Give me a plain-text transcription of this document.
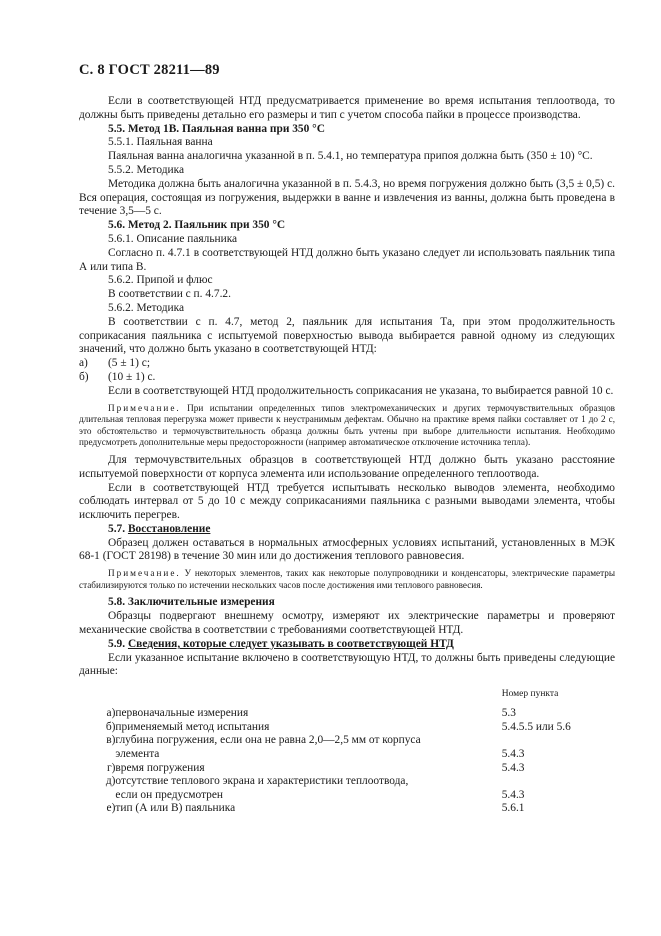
С. 8 ГОСТ 28211—89

Если в соответствующей НТД предусматривается применение во время испытания теплоотвода, то должны быть приведены детально его размеры и тип с учетом способа пайки в процессе производства.

5.5. Метод 1В. Паяльная ванна при 350 °С

5.5.1. Паяльная ванна

Паяльная ванна аналогична указанной в п. 5.4.1, но температура припоя должна быть (350 ± 10) °С.

5.5.2. Методика

Методика должна быть аналогична указанной в п. 5.4.3, но время погружения должно быть (3,5 ± 0,5) с. Вся операция, состоящая из погружения, выдержки в ванне и извлечения из ванны, должна быть проведена в течение 3,5—5 с.

5.6. Метод 2. Паяльник при 350 °С

5.6.1. Описание паяльника

Согласно п. 4.7.1 в соответствующей НТД должно быть указано следует ли использовать паяльник типа А или типа В.

5.6.2. Припой и флюс

В соответствии с п. 4.7.2.

5.6.2. Методика

В соответствии с п. 4.7, метод 2, паяльник для испытания Та, при этом продолжительность соприкасания паяльника с испытуемой поверхностью вывода выбирается равной одному из следующих значений, что должно быть указано в соответствующей НТД:

а)	(5 ± 1) с;
б)	(10 ± 1) с.

Если в соответствующей НТД продолжительность соприкасания не указана, то выбирается равной 10 с.

Примечание. При испытании определенных типов электромеханических и других термочувствительных образцов длительная тепловая перегрузка может привести к неустранимым дефектам. Обычно на практике время пайки составляет от 1 до 2 с, это обстоятельство и термочувствительность образца должны быть учтены при выборе длительности испытания. Необходимо предусмотреть дополнительные меры предосторожности (например автоматическое отключение источника тепла).

Для термочувствительных образцов в соответствующей НТД должно быть указано расстояние испытуемой поверхности от корпуса элемента или использование определенного теплоотвода.

Если в соответствующей НТД требуется испытывать несколько выводов элемента, необходимо соблюдать интервал от 5 до 10 с между соприкасаниями паяльника с разными выводами элемента, чтобы исключить перегрев.

5.7. Восстановление

Образец должен оставаться в нормальных атмосферных условиях испытаний, установленных в МЭК 68-1 (ГОСТ 28198) в течение 30 мин или до достижения теплового равновесия.

Примечание. У некоторых элементов, таких как некоторые полупроводники и конденсаторы, электрические параметры стабилизируются только по истечении нескольких часов после достижения ими теплового равновесия.

5.8. Заключительные измерения

Образцы подвергают внешнему осмотру, измеряют их электрические параметры и проверяют механические свойства в соответствии с требованиями соответствующей НТД.

5.9. Сведения, которые следует указывать в соответствующей НТД

Если указанное испытание включено в соответствующую НТД, то должны быть приведены следующие данные:

		Номер пункта

а)	первоначальные измерения	5.3
б)	применяемый метод испытания	5.4.5.5 или 5.6
в)	глубина погружения, если она не равна 2,0—2,5 мм от корпуса	
	элемента	5.4.3
г)	время погружения	5.4.3
д)	отсутствие теплового экрана и характеристики теплоотвода,	
	если он предусмотрен	5.4.3
е)	тип (А или В) паяльника	5.6.1
